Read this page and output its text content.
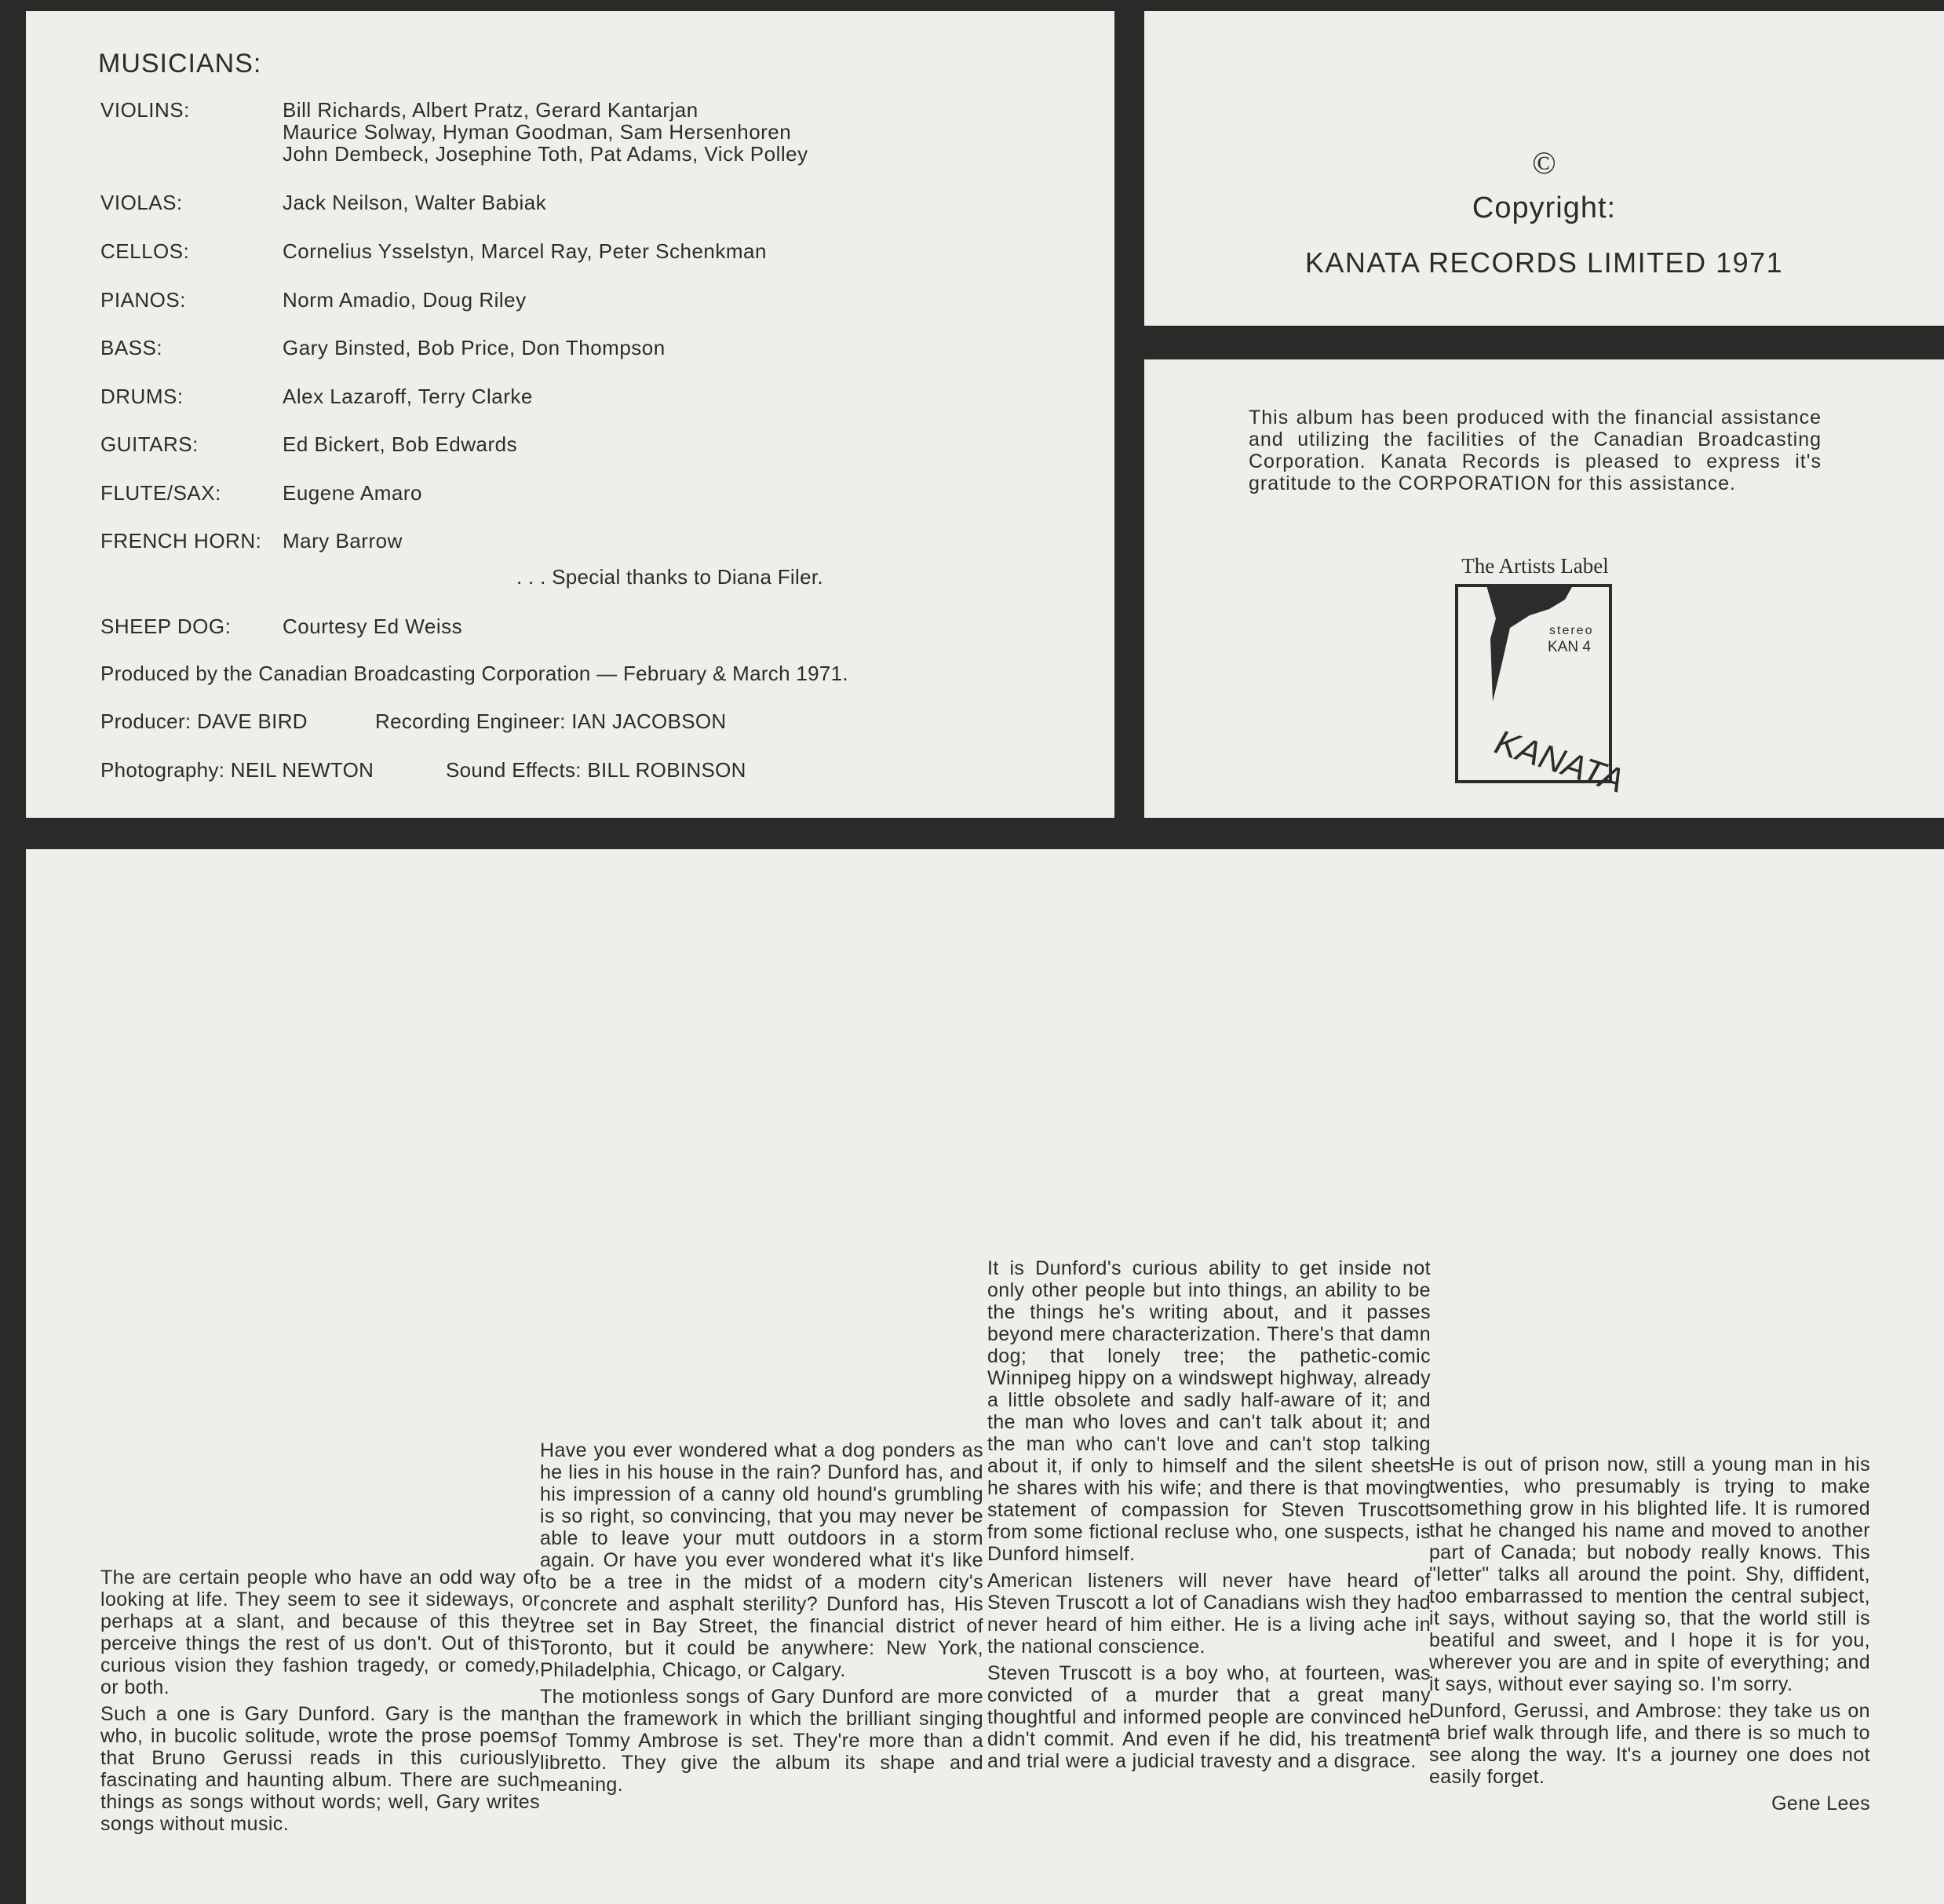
MUSICIANS:
VIOLINS:	Bill Richards, Albert Pratz, Gerard Kantarjan
Maurice Solway, Hyman Goodman, Sam Hersenhoren
John Dembeck, Josephine Toth, Pat Adams, Vick Polley
VIOLAS:	Jack Neilson, Walter Babiak
CELLOS:	Cornelius Ysselstyn, Marcel Ray, Peter Schenkman
PIANOS:	Norm Amadio, Doug Riley
BASS:	Gary Binsted, Bob Price, Don Thompson
DRUMS:	Alex Lazaroff, Terry Clarke
GUITARS:	Ed Bickert, Bob Edwards
FLUTE/SAX:	Eugene Amaro
FRENCH HORN: Mary Barrow
. . . Special thanks to Diana Filer.
SHEEP DOG:	Courtesy Ed Weiss
Produced by the Canadian Broadcasting Corporation — February & March 1971.
Producer: DAVE BIRD	Recording Engineer: IAN JACOBSON
Photography: NEIL NEWTON	Sound Effects: BILL ROBINSON
©
Copyright:
KANATA RECORDS LIMITED 1971
This album has been produced with the financial assistance and utilizing the facilities of the Canadian Broadcasting Corporation. Kanata Records is pleased to express it's gratitude to the CORPORATION for this assistance.
The Artists Label
stereo
KAN 4
KANATA

The are certain people who have an odd way of looking at life. They seem to see it sideways, or perhaps at a slant, and because of this they perceive things the rest of us don't. Out of this curious vision they fashion tragedy, or comedy, or both.

Such a one is Gary Dunford. Gary is the man who, in bucolic solitude, wrote the prose poems that Bruno Gerussi reads in this curiously fascinating and haunting album. There are such things as songs without words; well, Gary writes songs without music.

Have you ever wondered what a dog ponders as he lies in his house in the rain? Dunford has, and his impression of a canny old hound's grumbling is so right, so convincing, that you may never be able to leave your mutt outdoors in a storm again. Or have you ever wondered what it's like to be a tree in the midst of a modern city's concrete and asphalt sterility? Dunford has, His tree set in Bay Street, the financial district of Toronto, but it could be anywhere: New York, Philadelphia, Chicago, or Calgary.

The motionless songs of Gary Dunford are more than the framework in which the brilliant singing of Tommy Ambrose is set. They're more than a libretto. They give the album its shape and meaning.

It is Dunford's curious ability to get inside not only other people but into things, an ability to be the things he's writing about, and it passes beyond mere characterization. There's that damn dog; that lonely tree; the pathetic-comic Winnipeg hippy on a windswept highway, already a little obsolete and sadly half-aware of it; and the man who loves and can't talk about it; and the man who can't love and can't stop talking about it, if only to himself and the silent sheets he shares with his wife; and there is that moving statement of compassion for Steven Truscott from some fictional recluse who, one suspects, is Dunford himself.

American listeners will never have heard of Steven Truscott a lot of Canadians wish they had never heard of him either. He is a living ache in the national conscience.

Steven Truscott is a boy who, at fourteen, was convicted of a murder that a great many thoughtful and informed people are convinced he didn't commit. And even if he did, his treatment and trial were a judicial travesty and a disgrace.

He is out of prison now, still a young man in his twenties, who presumably is trying to make something grow in his blighted life. It is rumored that he changed his name and moved to another part of Canada; but nobody really knows. This "letter" talks all around the point. Shy, diffident, too embarrassed to mention the central subject, it says, without saying so, that the world still is beatiful and sweet, and I hope it is for you, wherever you are and in spite of everything; and it says, without ever saying so. I'm sorry.

Dunford, Gerussi, and Ambrose: they take us on a brief walk through life, and there is so much to see along the way. It's a journey one does not easily forget.

Gene Lees
